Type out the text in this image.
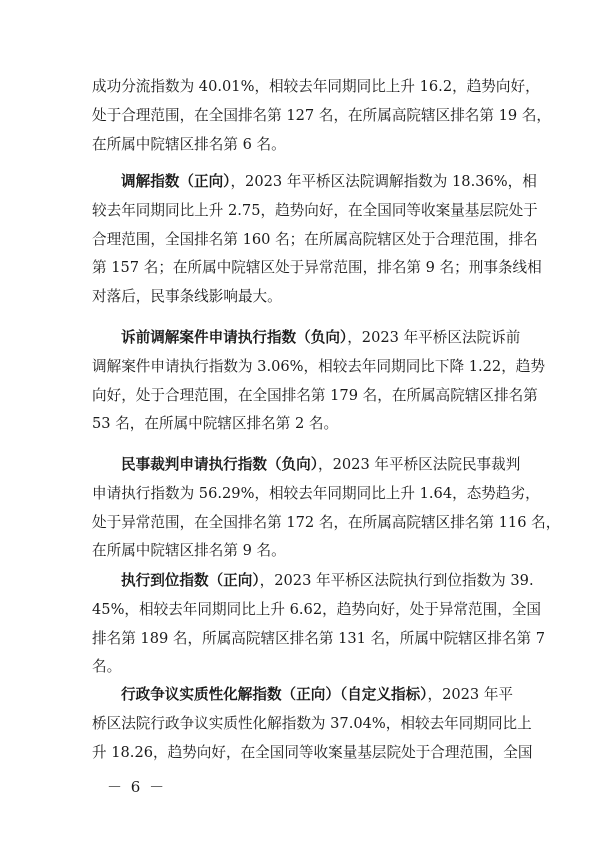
成功分流指数为 40.01%，相较去年同期同比上升 16.2，趋势向好，
处于合理范围，在全国排名第 127 名，在所属高院辖区排名第 19 名，
在所属中院辖区排名第 6 名。
调解指数（正向），2023 年平桥区法院调解指数为 18.36%，相
较去年同期同比上升 2.75，趋势向好，在全国同等收案量基层院处于
合理范围，全国排名第 160 名；在所属高院辖区处于合理范围，排名
第 157 名；在所属中院辖区处于异常范围，排名第 9 名；刑事条线相
对落后，民事条线影响最大。
诉前调解案件申请执行指数（负向），2023 年平桥区法院诉前
调解案件申请执行指数为 3.06%，相较去年同期同比下降 1.22，趋势
向好，处于合理范围，在全国排名第 179 名，在所属高院辖区排名第
53 名，在所属中院辖区排名第 2 名。
民事裁判申请执行指数（负向），2023 年平桥区法院民事裁判
申请执行指数为 56.29%，相较去年同期同比上升 1.64，态势趋劣，
处于异常范围，在全国排名第 172 名，在所属高院辖区排名第 116 名，
在所属中院辖区排名第 9 名。
执行到位指数（正向），2023 年平桥区法院执行到位指数为 39.
45%，相较去年同期同比上升 6.62，趋势向好，处于异常范围，全国
排名第 189 名，所属高院辖区排名第 131 名，所属中院辖区排名第 7
名。
行政争议实质性化解指数（正向）（自定义指标），2023 年平
桥区法院行政争议实质性化解指数为 37.04%，相较去年同期同比上
升 18.26，趋势向好，在全国同等收案量基层院处于合理范围，全国
－ 6 －
